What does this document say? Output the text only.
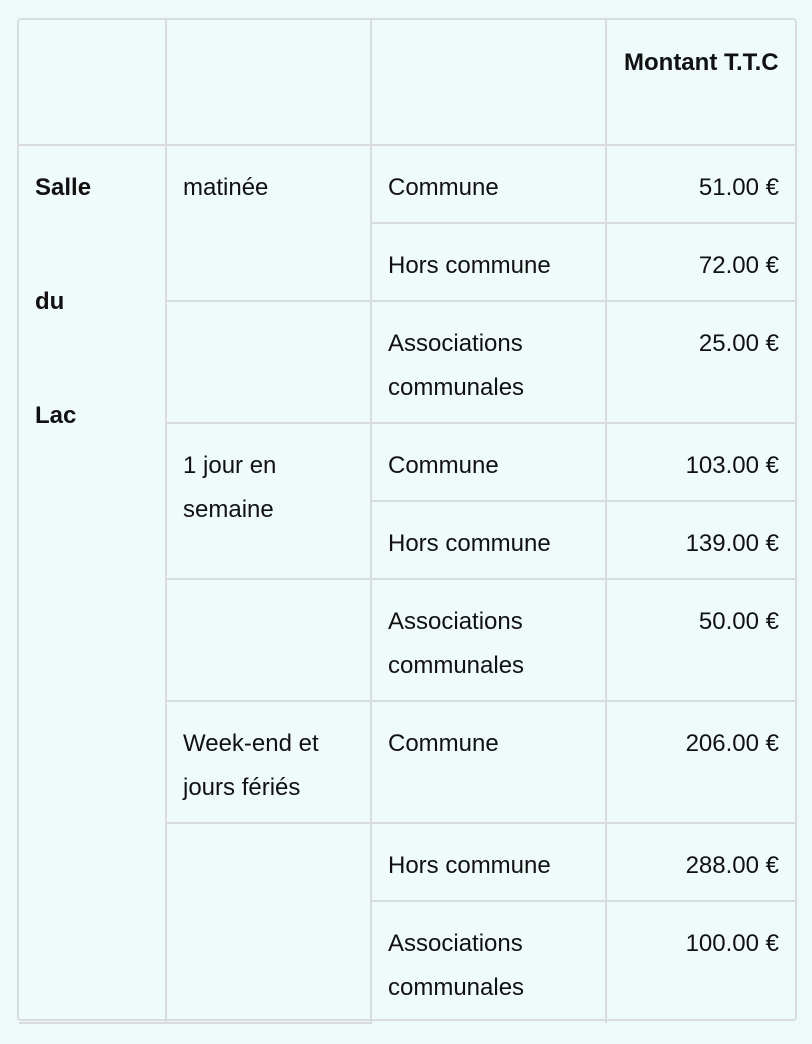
			Montant T.T.C

Salle
du
Lac	matinée	Commune	51.00 €
		Hors commune	72.00 €
		Associations communales	25.00 €
	1 jour en semaine	Commune	103.00 €
		Hors commune	139.00 €
		Associations communales	50.00 €
	Week-end et jours fériés	Commune	206.00 €
		Hors commune	288.00 €
		Associations communales	100.00 €
